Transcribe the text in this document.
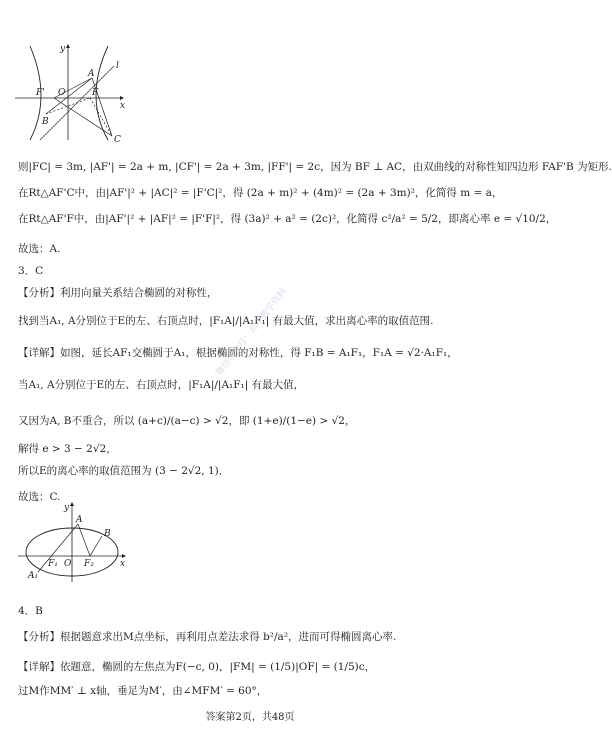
y
l
A
F' O	F
x
B
C
则|FC| = 3m, |AF'| = 2a + m, |CF'| = 2a + 3m, |FF'| = 2c，因为 BF ⊥ AC，由双曲线的对称性知四边形 FAF'B 为矩形.
在Rt△AF'C中，由|AF'|² + |AC|² = |F'C|²，得 (2a + m)² + (4m)² = (2a + 3m)²，化简得 m = a，
在Rt△AF'F中，由|AF'|² + |AF|² = |F'F|²，得 (3a)² + a² = (2c)²，化简得 c²/a² = 5/2，即离心率 e = √10/2，
故选：A.
3．C
【分析】利用向量关系结合椭圆的对称性，
找到当A₁, A分别位于E的左、右顶点时，|F₁A|/|A₁F₁| 有最大值，求出离心率的取值范围.
【详解】如图，延长AF₁交椭圆于A₁，根据椭圆的对称性，得 F₁B = A₁F₁，F₁A = √2·A₁F₁，
当A₁, A分别位于E的左、右顶点时，|F₁A|/|A₁F₁| 有最大值，
又因为A, B不重合，所以 (a+c)/(a−c) > √2，即 (1+e)/(1−e) > √2，
解得 e > 3 − 2√2，
所以E的离心率的取值范围为 (3 − 2√2, 1)．
故选：C.
y
A
B
A₁
F₁ O F₂	x
4．B
【分析】根据题意求出M点坐标，再利用点差法求得 b²/a²，进而可得椭圆离心率.
【详解】依题意，椭圆的左焦点为F(−c, 0)，|FM| = (1/5)|OF| = (1/5)c，
过M作MM′ ⊥ x轴，垂足为M′，由∠MFM′ = 60°，
微信公众号：高中数学资料
答案第2页，共48页
